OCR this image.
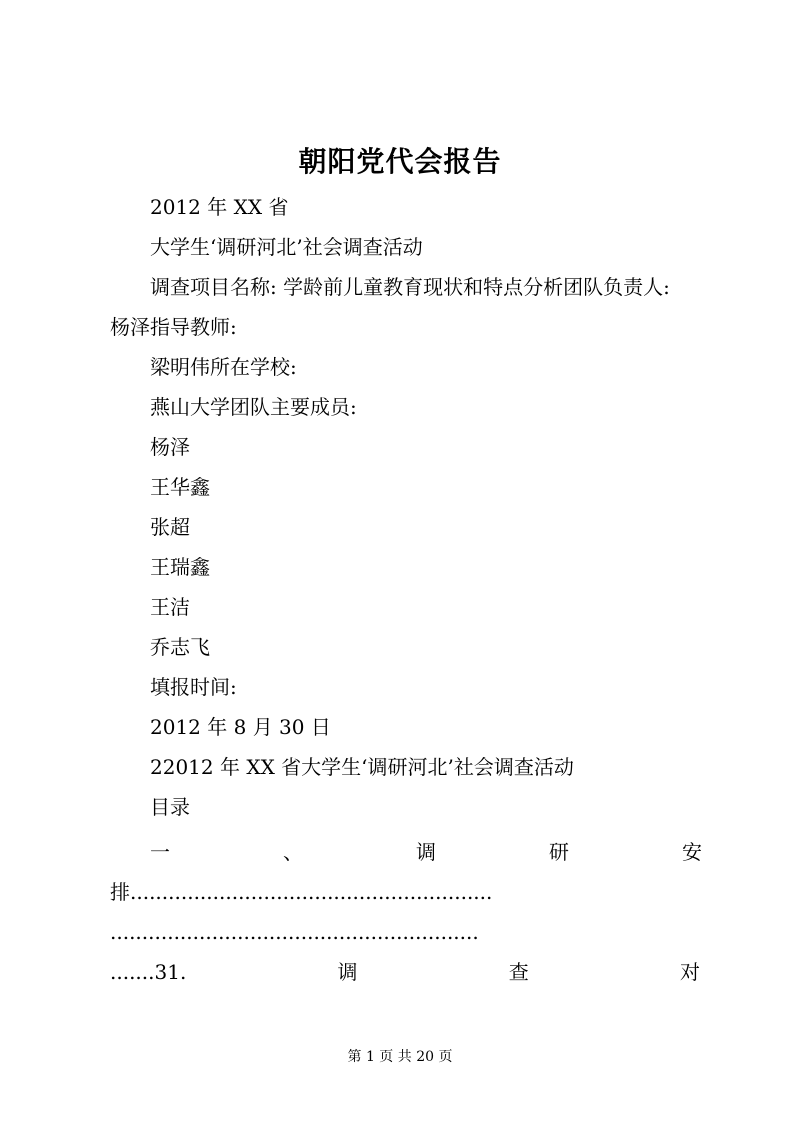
朝阳党代会报告
2012 年 XX 省
大学生‘调研河北’社会调查活动
调查项目名称: 学龄前儿童教育现状和特点分析团队负责人:
杨泽指导教师:
梁明伟所在学校:
燕山大学团队主要成员:
杨泽
王华鑫
张超
王瑞鑫
王洁
乔志飞
填报时间:
2012 年 8 月 30 日
22012 年 XX 省大学生‘调研河北’社会调查活动
目录
一	、	调	研	安
排.........................................................
..........................................................
.......31.	调	查	对
第 1 页 共 20 页
